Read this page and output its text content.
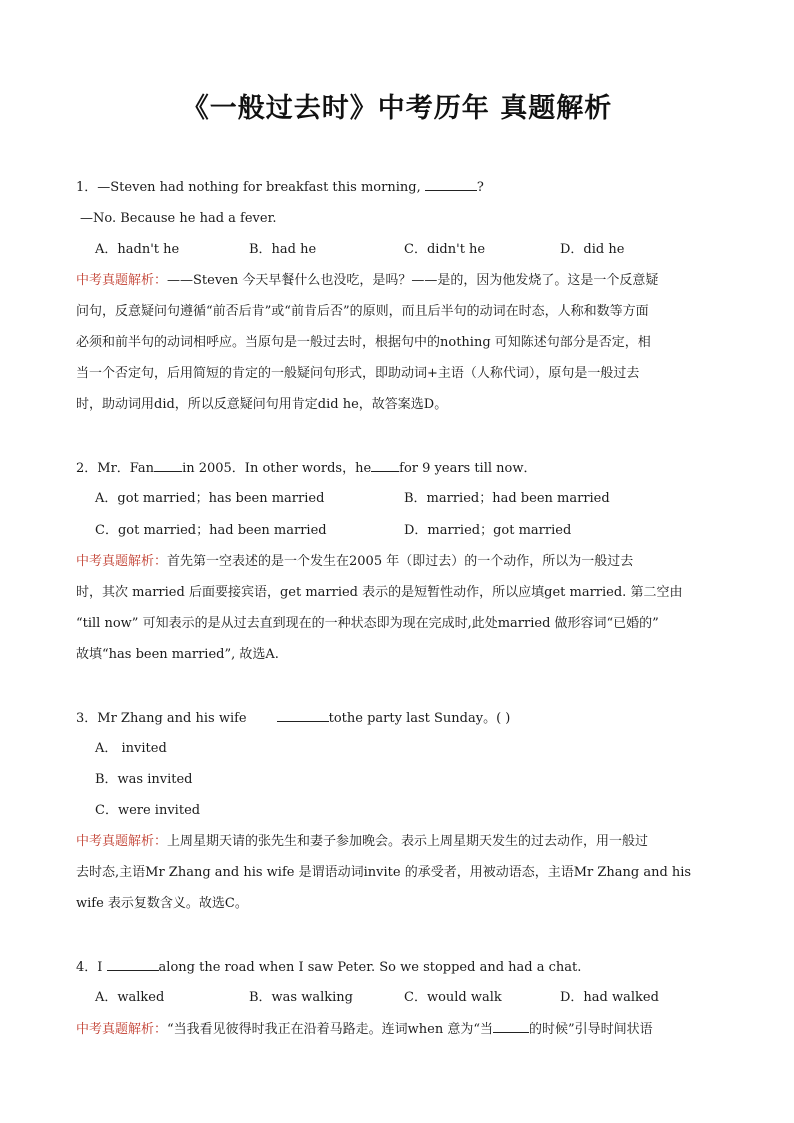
《一般过去时》中考历年 真题解析
1．—Steven had nothing for breakfast this morning,	?
—No. Because he had a fever.
A．hadn't he	B．had he	C．didn't he	D．did he
中考真题解析：——Steven 今天早餐什么也没吃，是吗？——是的，因为他发烧了。这是一个反意疑
问句，反意疑问句遵循“前否后肯”或“前肯后否”的原则，而且后半句的动词在时态，人称和数等方面
必须和前半句的动词相呼应。当原句是一般过去时，根据句中的nothing 可知陈述句部分是否定，相
当一个否定句，后用简短的肯定的一般疑问句形式，即助动词+主语（人称代词），原句是一般过去
时，助动词用did，所以反意疑问句用肯定did he，故答案选D。
2．Mr．Fan in 2005．In other words，he for 9 years till now．
A．got married；has been married	B．married；had been married
C．got married；had been married	D．married；got married
中考真题解析：首先第一空表述的是一个发生在2005 年（即过去）的一个动作，所以为一般过去
时，其次 married 后面要接宾语，get married 表示的是短暂性动作，所以应填get married. 第二空由
“till now” 可知表示的是从过去直到现在的一种状态即为现在完成时,此处married 做形容词“已婚的”
故填“has been married”, 故选A.
3．Mr Zhang and his wife	tothe party last Sunday。( )
A． invited
B．was invited
C．were invited
中考真题解析：上周星期天请的张先生和妻子参加晚会。表示上周星期天发生的过去动作，用一般过
去时态,主语Mr Zhang and his wife 是谓语动词invite 的承受者，用被动语态，主语Mr Zhang and his
wife 表示复数含义。故选C。
4．I	along the road when I saw Peter. So we stopped and had a chat.
A．walked	B．was walking	C．would walk	D．had walked
中考真题解析：“当我看见彼得时我正在沿着马路走。连词when 意为“当	的时候”引导时间状语
